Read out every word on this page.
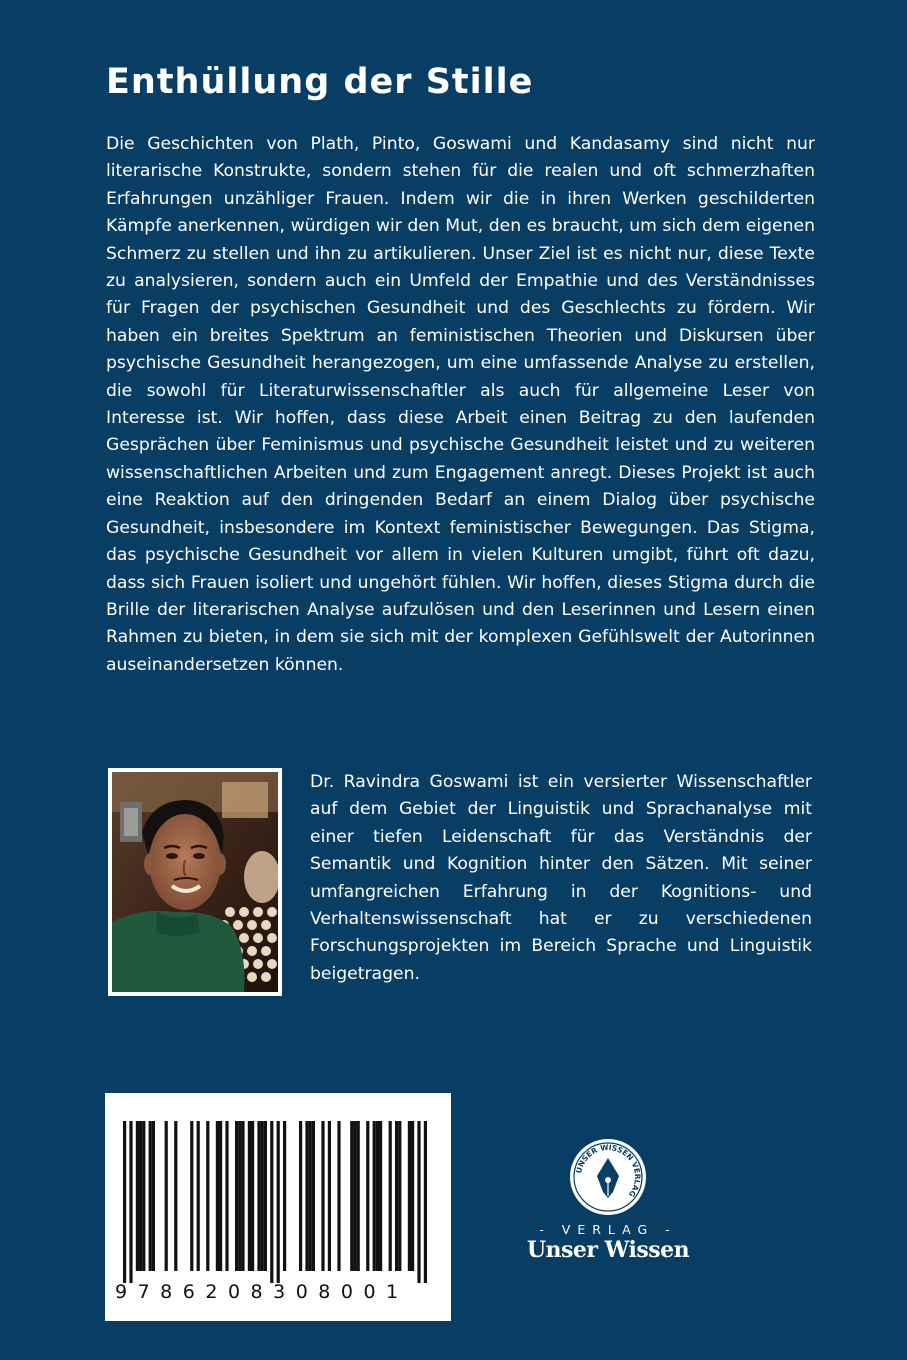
Enthüllung der Stille

Die Geschichten von Plath, Pinto, Goswami und Kandasamy sind nicht nur literarische Konstrukte, sondern stehen für die realen und oft schmerzhaften Erfahrungen unzähliger Frauen. Indem wir die in ihren Werken geschilderten Kämpfe anerkennen, würdigen wir den Mut, den es braucht, um sich dem eigenen Schmerz zu stellen und ihn zu artikulieren. Unser Ziel ist es nicht nur, diese Texte zu analysieren, sondern auch ein Umfeld der Empathie und des Verständnisses für Fragen der psychischen Gesundheit und des Geschlechts zu fördern. Wir haben ein breites Spektrum an feministischen Theorien und Diskursen über psychische Gesundheit herangezogen, um eine umfassende Analyse zu erstellen, die sowohl für Literaturwissenschaftler als auch für allgemeine Leser von Interesse ist. Wir hoffen, dass diese Arbeit einen Beitrag zu den laufenden Gesprächen über Feminismus und psychische Gesundheit leistet und zu weiteren wissenschaftlichen Arbeiten und zum Engagement anregt. Dieses Projekt ist auch eine Reaktion auf den dringenden Bedarf an einem Dialog über psychische Gesundheit, insbesondere im Kontext feministischer Bewegungen. Das Stigma, das psychische Gesundheit vor allem in vielen Kulturen umgibt, führt oft dazu, dass sich Frauen isoliert und ungehört fühlen. Wir hoffen, dieses Stigma durch die Brille der literarischen Analyse aufzulösen und den Leserinnen und Lesern einen Rahmen zu bieten, in dem sie sich mit der komplexen Gefühlswelt der Autorinnen auseinandersetzen können.

Dr. Ravindra Goswami ist ein versierter Wissenschaftler auf dem Gebiet der Linguistik und Sprachanalyse mit einer tiefen Leidenschaft für das Verständnis der Semantik und Kognition hinter den Sätzen. Mit seiner umfangreichen Erfahrung in der Kognitions- und Verhaltenswissenschaft hat er zu verschiedenen Forschungsprojekten im Bereich Sprache und Linguistik beigetragen.

9786208308001
UNSER WISSEN VERLAG
- VERLAG -
Unser Wissen
